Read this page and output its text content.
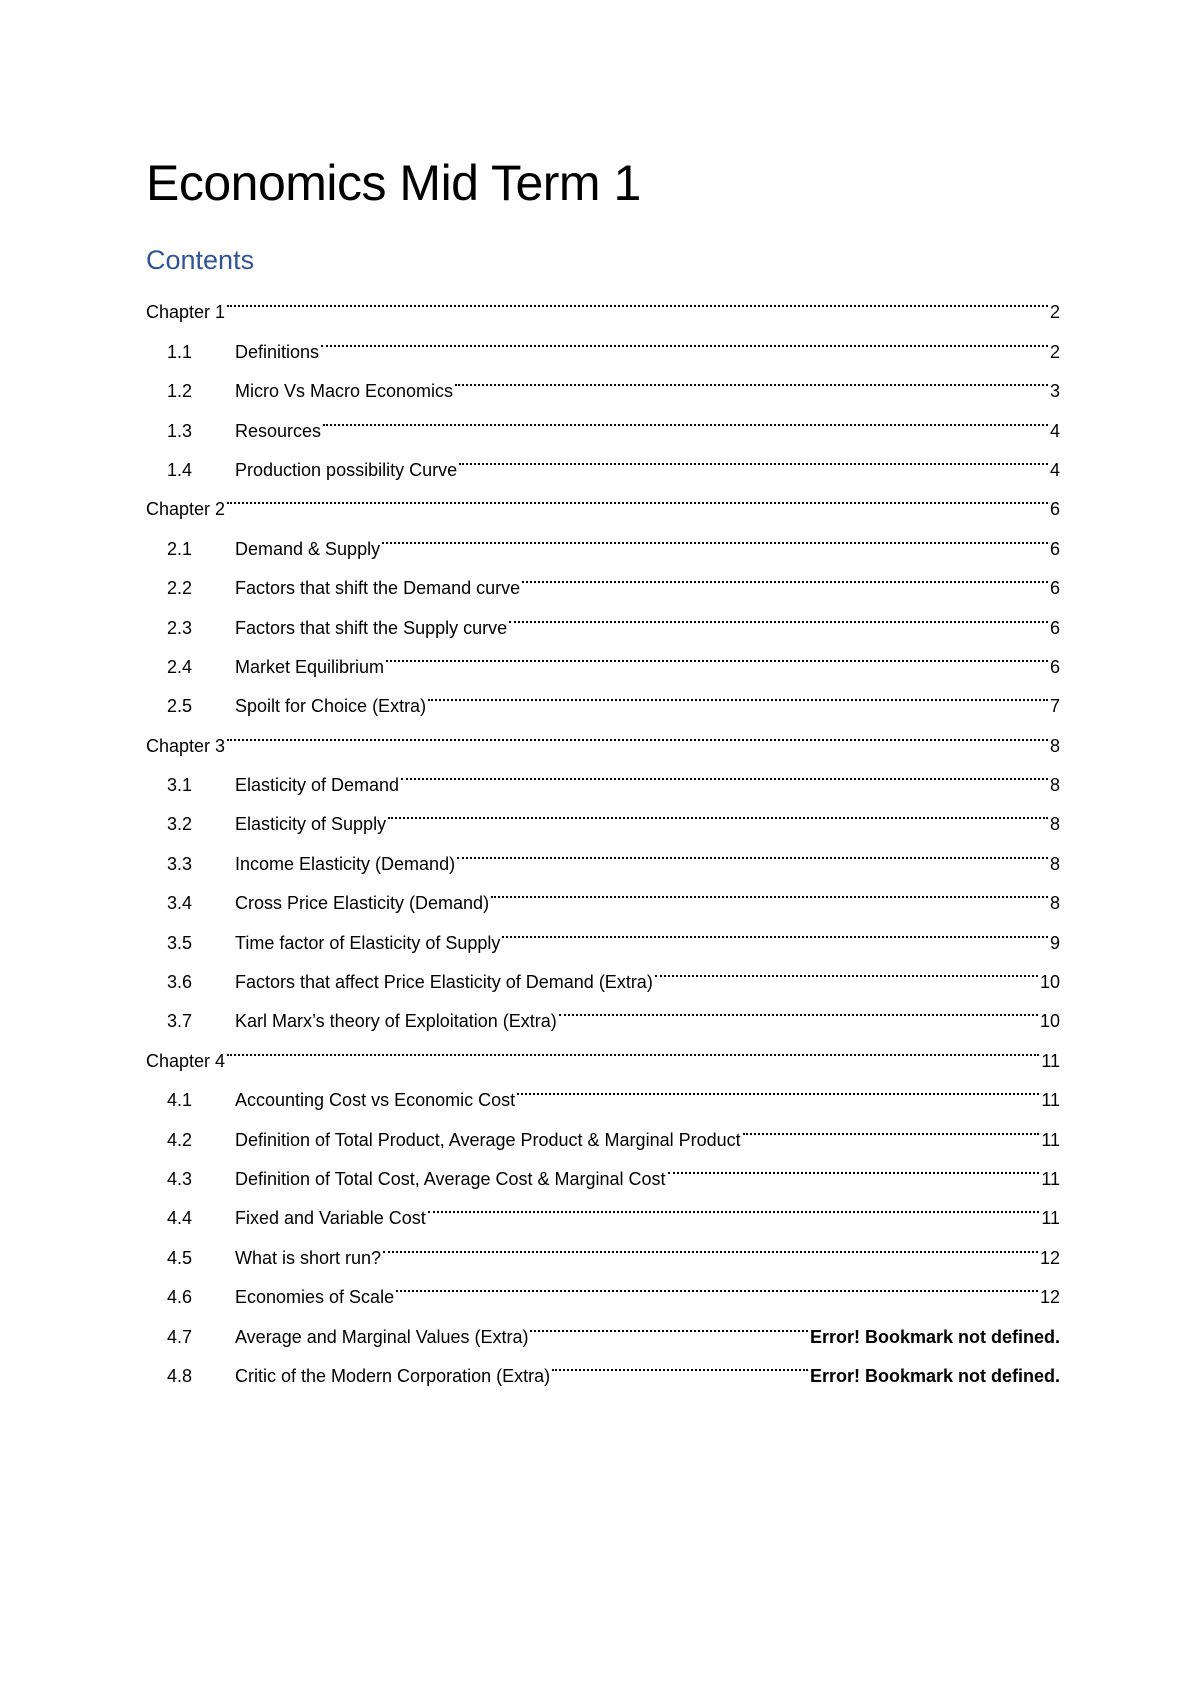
Economics Mid Term 1
Contents
Chapter 1	2
1.1	Definitions	2
1.2	Micro Vs Macro Economics	3
1.3	Resources	4
1.4	Production possibility Curve	4
Chapter 2	6
2.1	Demand & Supply	6
2.2	Factors that shift the Demand curve	6
2.3	Factors that shift the Supply curve	6
2.4	Market Equilibrium	6
2.5	Spoilt for Choice (Extra)	7
Chapter 3	8
3.1	Elasticity of Demand	8
3.2	Elasticity of Supply	8
3.3	Income Elasticity (Demand)	8
3.4	Cross Price Elasticity (Demand)	8
3.5	Time factor of Elasticity of Supply	9
3.6	Factors that affect Price Elasticity of Demand (Extra)	10
3.7	Karl Marx’s theory of Exploitation (Extra)	10
Chapter 4	11
4.1	Accounting Cost vs Economic Cost	11
4.2	Definition of Total Product, Average Product & Marginal Product	11
4.3	Definition of Total Cost, Average Cost & Marginal Cost	11
4.4	Fixed and Variable Cost	11
4.5	What is short run?	12
4.6	Economies of Scale	12
4.7	Average and Marginal Values (Extra)	Error! Bookmark not defined.
4.8	Critic of the Modern Corporation (Extra)	Error! Bookmark not defined.
